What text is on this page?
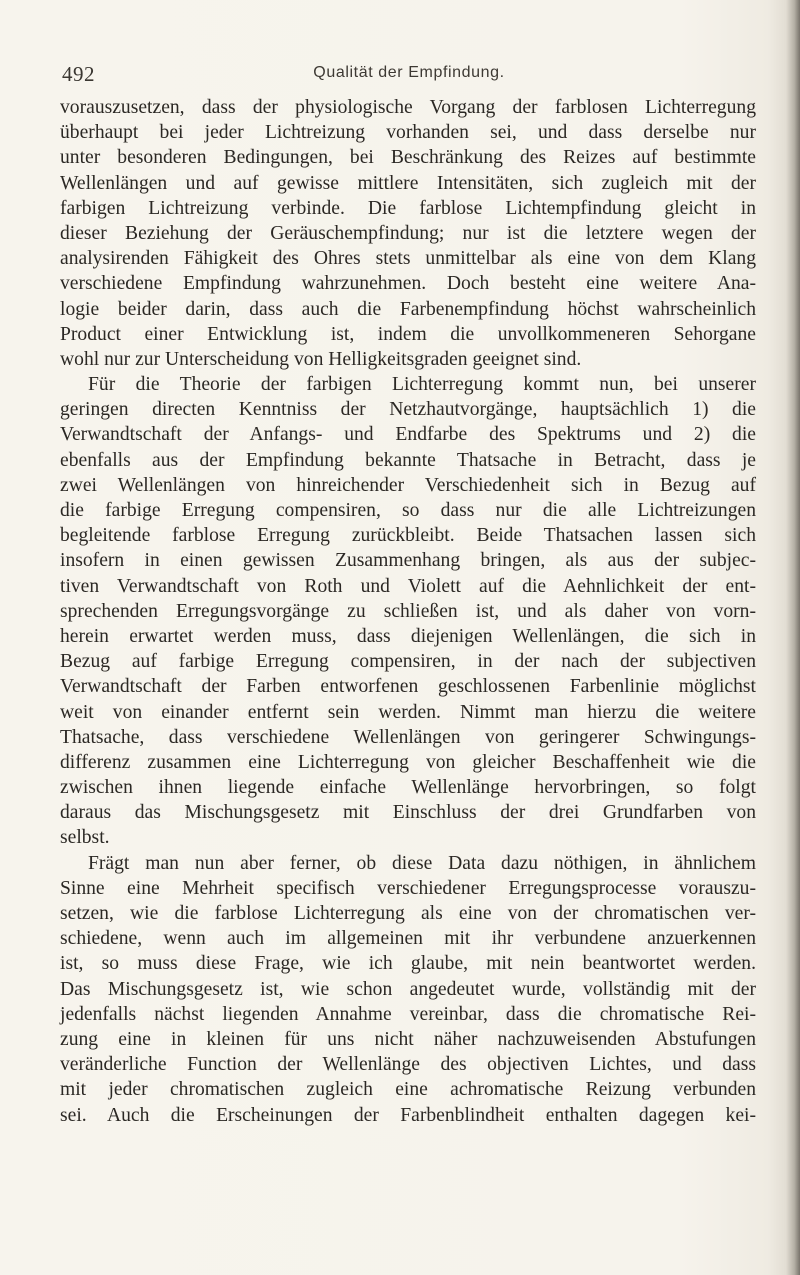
492	Qualität der Empfindung.
vorauszusetzen, dass der physiologische Vorgang der farblosen Lichterregung
überhaupt bei jeder Lichtreizung vorhanden sei, und dass derselbe nur
unter besonderen Bedingungen, bei Beschränkung des Reizes auf bestimmte
Wellenlängen und auf gewisse mittlere Intensitäten, sich zugleich mit der
farbigen Lichtreizung verbinde. Die farblose Lichtempfindung gleicht in
dieser Beziehung der Geräuschempfindung; nur ist die letztere wegen der
analysirenden Fähigkeit des Ohres stets unmittelbar als eine von dem Klang
verschiedene Empfindung wahrzunehmen. Doch besteht eine weitere Ana-
logie beider darin, dass auch die Farbenempfindung höchst wahrscheinlich
Product einer Entwicklung ist, indem die unvollkommeneren Sehorgane
wohl nur zur Unterscheidung von Helligkeitsgraden geeignet sind.
Für die Theorie der farbigen Lichterregung kommt nun, bei unserer
geringen directen Kenntniss der Netzhautvorgänge, hauptsächlich 1) die
Verwandtschaft der Anfangs- und Endfarbe des Spektrums und 2) die
ebenfalls aus der Empfindung bekannte Thatsache in Betracht, dass je
zwei Wellenlängen von hinreichender Verschiedenheit sich in Bezug auf
die farbige Erregung compensiren, so dass nur die alle Lichtreizungen
begleitende farblose Erregung zurückbleibt. Beide Thatsachen lassen sich
insofern in einen gewissen Zusammenhang bringen, als aus der subjec-
tiven Verwandtschaft von Roth und Violett auf die Aehnlichkeit der ent-
sprechenden Erregungsvorgänge zu schließen ist, und als daher von vorn-
herein erwartet werden muss, dass diejenigen Wellenlängen, die sich in
Bezug auf farbige Erregung compensiren, in der nach der subjectiven
Verwandtschaft der Farben entworfenen geschlossenen Farbenlinie möglichst
weit von einander entfernt sein werden. Nimmt man hierzu die weitere
Thatsache, dass verschiedene Wellenlängen von geringerer Schwingungs-
differenz zusammen eine Lichterregung von gleicher Beschaffenheit wie die
zwischen ihnen liegende einfache Wellenlänge hervorbringen, so folgt
daraus das Mischungsgesetz mit Einschluss der drei Grundfarben von
selbst.
Frägt man nun aber ferner, ob diese Data dazu nöthigen, in ähnlichem
Sinne eine Mehrheit specifisch verschiedener Erregungsprocesse vorauszu-
setzen, wie die farblose Lichterregung als eine von der chromatischen ver-
schiedene, wenn auch im allgemeinen mit ihr verbundene anzuerkennen
ist, so muss diese Frage, wie ich glaube, mit nein beantwortet werden.
Das Mischungsgesetz ist, wie schon angedeutet wurde, vollständig mit der
jedenfalls nächst liegenden Annahme vereinbar, dass die chromatische Rei-
zung eine in kleinen für uns nicht näher nachzuweisenden Abstufungen
veränderliche Function der Wellenlänge des objectiven Lichtes, und dass
mit jeder chromatischen zugleich eine achromatische Reizung verbunden
sei. Auch die Erscheinungen der Farbenblindheit enthalten dagegen kei-
